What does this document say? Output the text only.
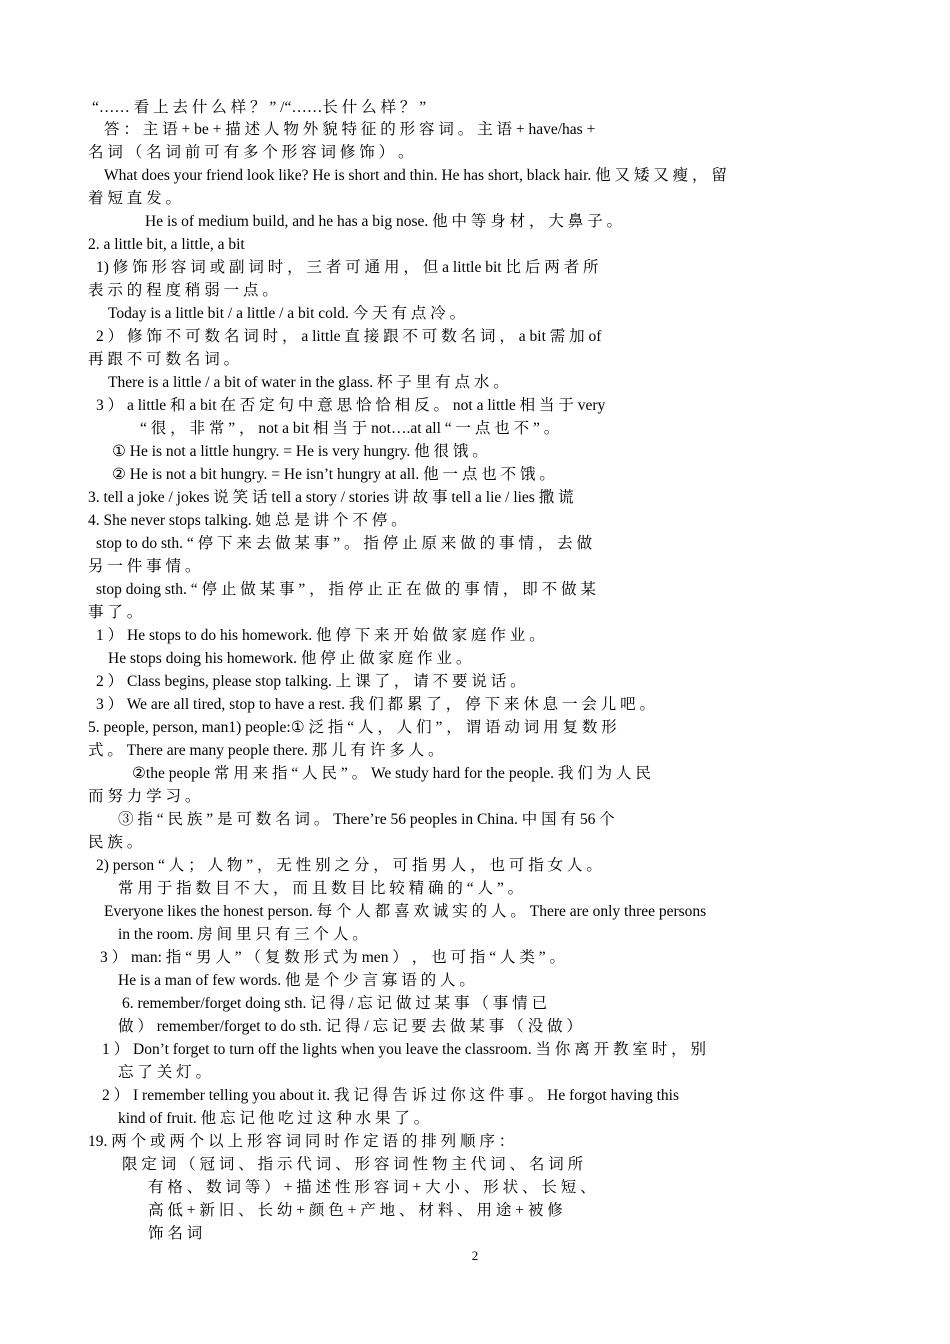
“…… 看 上 去 什 么 样 ？ ” /“……长 什 么 样 ？ ”
答 ： 主 语 + be + 描 述 人 物 外 貌 特 征 的 形 容 词 。 主 语 + have/has +
名 词 （ 名 词 前 可 有 多 个 形 容 词 修 饰 ） 。
What does your friend look like? He is short and thin. He has short, black hair. 他 又 矮 又 瘦 ， 留
着 短 直 发 。
He is of medium build, and he has a big nose. 他 中 等 身 材 ， 大 鼻 子 。
2. a little bit, a little, a bit
1) 修 饰 形 容 词 或 副 词 时 ， 三 者 可 通 用 ， 但 a little bit 比 后 两 者 所
表 示 的 程 度 稍 弱 一 点 。
Today is a little bit / a little / a bit cold. 今 天 有 点 冷 。
2 ） 修 饰 不 可 数 名 词 时 ， a little 直 接 跟 不 可 数 名 词 ， a bit 需 加 of
再 跟 不 可 数 名 词 。
There is a little / a bit of water in the glass. 杯 子 里 有 点 水 。
3 ） a little 和 a bit 在 否 定 句 中 意 思 恰 恰 相 反 。 not a little 相 当 于 very
“ 很 ， 非 常 ” ， not a bit 相 当 于 not….at all “ 一 点 也 不 ” 。
① He is not a little hungry. = He is very hungry. 他 很 饿 。
② He is not a bit hungry. = He isn’t hungry at all. 他 一 点 也 不 饿 。
3. tell a joke / jokes 说 笑 话 tell a story / stories 讲 故 事 tell a lie / lies 撒 谎
4. She never stops talking. 她 总 是 讲 个 不 停 。
stop to do sth. “ 停 下 来 去 做 某 事 ” 。 指 停 止 原 来 做 的 事 情 ， 去 做
另 一 件 事 情 。
stop doing sth. “ 停 止 做 某 事 ” ， 指 停 止 正 在 做 的 事 情 ， 即 不 做 某
事 了 。
1 ） He stops to do his homework. 他 停 下 来 开 始 做 家 庭 作 业 。
He stops doing his homework. 他 停 止 做 家 庭 作 业 。
2 ） Class begins, please stop talking. 上 课 了 ， 请 不 要 说 话 。
3 ） We are all tired, stop to have a rest. 我 们 都 累 了 ， 停 下 来 休 息 一 会 儿 吧 。
5. people, person, man1) people:① 泛 指 “ 人 ， 人 们 ” ， 谓 语 动 词 用 复 数 形
式 。 There are many people there. 那 儿 有 许 多 人 。
②the people 常 用 来 指 “ 人 民 ” 。 We study hard for the people. 我 们 为 人 民
而 努 力 学 习 。
③ 指 “ 民 族 ” 是 可 数 名 词 。 There’re 56 peoples in China. 中 国 有 56 个
民 族 。
2) person “ 人 ； 人 物 ” ， 无 性 别 之 分 ， 可 指 男 人 ， 也 可 指 女 人 。
常 用 于 指 数 目 不 大 ， 而 且 数 目 比 较 精 确 的 “ 人 ” 。
Everyone likes the honest person. 每 个 人 都 喜 欢 诚 实 的 人 。 There are only three persons
in the room. 房 间 里 只 有 三 个 人 。
3 ） man: 指 “ 男 人 ” （ 复 数 形 式 为 men ） ， 也 可 指 “ 人 类 ” 。
He is a man of few words. 他 是 个 少 言 寡 语 的 人 。
6. remember/forget doing sth. 记 得 / 忘 记 做 过 某 事 （ 事 情 已
做 ） remember/forget to do sth. 记 得 / 忘 记 要 去 做 某 事 （ 没 做 ）
1 ） Don’t forget to turn off the lights when you leave the classroom. 当 你 离 开 教 室 时 ， 别
忘 了 关 灯 。
2 ） I remember telling you about it. 我 记 得 告 诉 过 你 这 件 事 。 He forgot having this
kind of fruit. 他 忘 记 他 吃 过 这 种 水 果 了 。
19. 两 个 或 两 个 以 上 形 容 词 同 时 作 定 语 的 排 列 顺 序 ：
限 定 词 （ 冠 词 、 指 示 代 词 、 形 容 词 性 物 主 代 词 、 名 词 所
有 格 、 数 词 等 ） + 描 述 性 形 容 词 + 大 小 、 形 状 、 长 短 、
高 低 + 新 旧 、 长 幼 + 颜 色 + 产 地 、 材 料 、 用 途 + 被 修
饰 名 词
2
